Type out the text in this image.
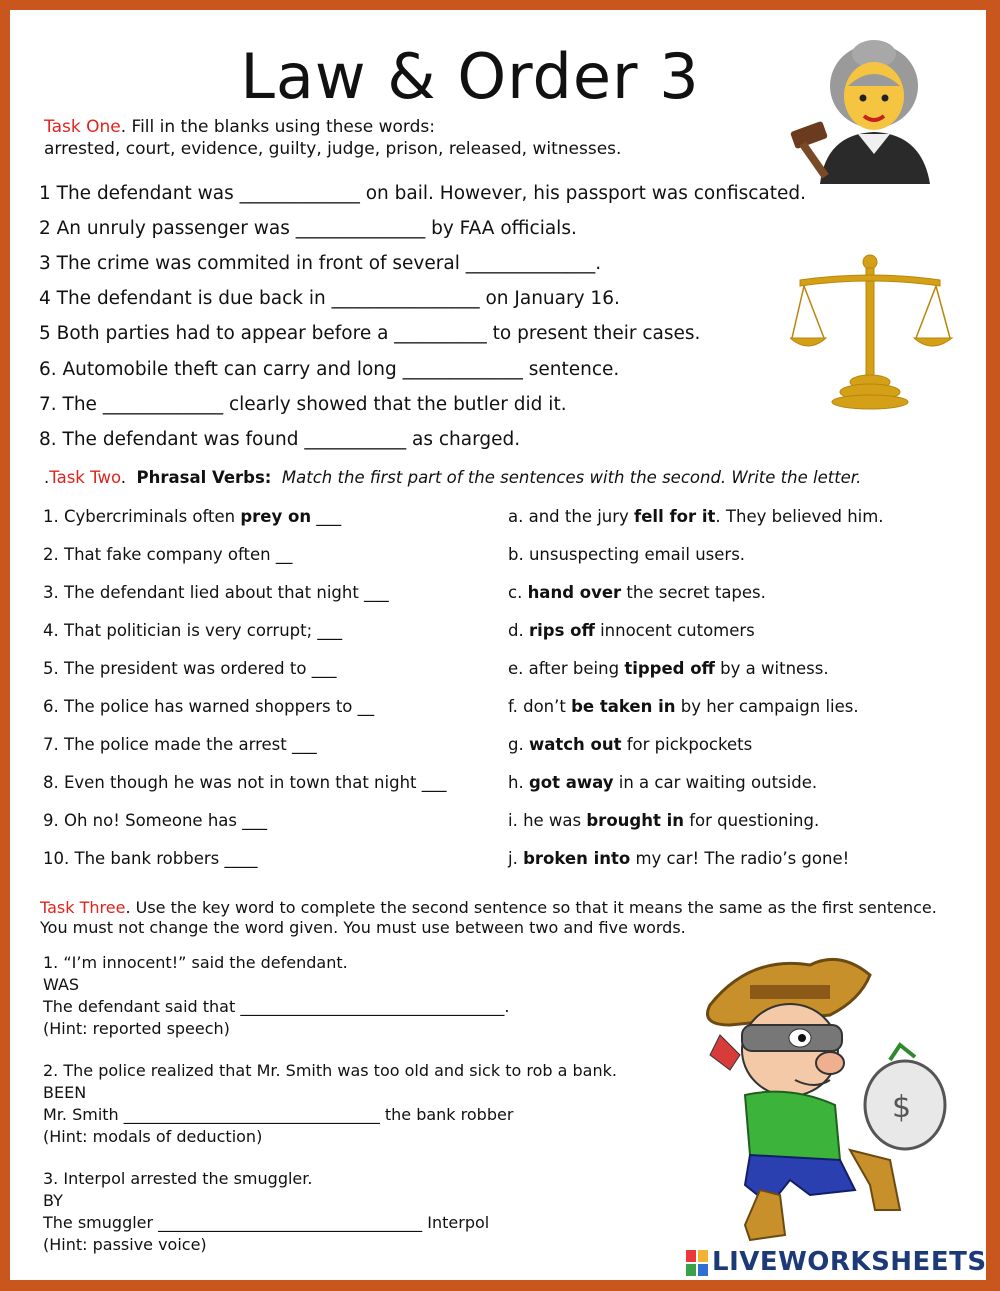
Law & Order 3
Task One. Fill in the blanks using these words:
arrested, court, evidence, guilty, judge, prison, released, witnesses.
1 The defendant was _____________ on bail. However, his passport was confiscated.
2 An unruly passenger was ______________ by FAA officials.
3 The crime was commited in front of several ______________.
4 The defendant is due back in ________________ on January 16.
5 Both parties had to appear before a __________ to present their cases.
6. Automobile theft can carry and long _____________ sentence.
7. The _____________ clearly showed that the butler did it.
8. The defendant was found ___________ as charged.
.Task Two. Phrasal Verbs: Match the first part of the sentences with the second. Write the letter.
1. Cybercriminals often prey on ___
2. That fake company often __
3. The defendant lied about that night ___
4. That politician is very corrupt; ___
5. The president was ordered to ___
6. The police has warned shoppers to __
7. The police made the arrest ___
8. Even though he was not in town that night ___
9. Oh no! Someone has ___
10. The bank robbers ____
a. and the jury fell for it. They believed him.
b. unsuspecting email users.
c. hand over the secret tapes.
d. rips off innocent cutomers
e. after being tipped off by a witness.
f. don’t be taken in by her campaign lies.
g. watch out for pickpockets
h. got away in a car waiting outside.
i. he was brought in for questioning.
j. broken into my car! The radio’s gone!
Task Three. Use the key word to complete the second sentence so that it means the same as the first sentence.
You must not change the word given. You must use between two and five words.
1. “I’m innocent!” said the defendant.
WAS
The defendant said that _________________________________.
(Hint: reported speech)
2. The police realized that Mr. Smith was too old and sick to rob a bank.
BEEN
Mr. Smith ________________________________ the bank robber
(Hint: modals of deduction)
3. Interpol arrested the smuggler.
BY
The smuggler _________________________________ Interpol
(Hint: passive voice)
$
LIVEWORKSHEETS
